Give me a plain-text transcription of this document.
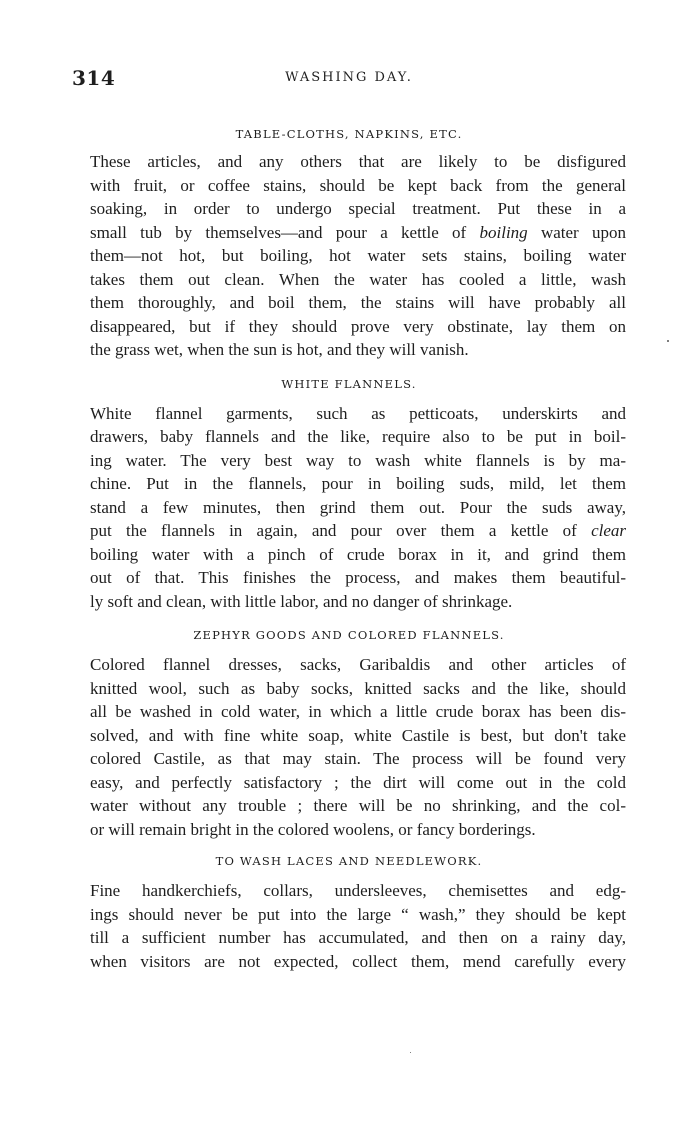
314	WASHING DAY.

TABLE-CLOTHS, NAPKINS, ETC.

These articles, and any others that are likely to be disfigured
with fruit, or coffee stains, should be kept back from the general
soaking, in order to undergo special treatment. Put these in a
small tub by themselves—and pour a kettle of boiling water upon
them—not hot, but boiling, hot water sets stains, boiling water
takes them out clean. When the water has cooled a little, wash
them thoroughly, and boil them, the stains will have probably all
disappeared, but if they should prove very obstinate, lay them on
the grass wet, when the sun is hot, and they will vanish.

WHITE FLANNELS.

White flannel garments, such as petticoats, underskirts and
drawers, baby flannels and the like, require also to be put in boil-
ing water. The very best way to wash white flannels is by ma-
chine. Put in the flannels, pour in boiling suds, mild, let them
stand a few minutes, then grind them out. Pour the suds away,
put the flannels in again, and pour over them a kettle of clear
boiling water with a pinch of crude borax in it, and grind them
out of that. This finishes the process, and makes them beautiful-
ly soft and clean, with little labor, and no danger of shrinkage.

ZEPHYR GOODS AND COLORED FLANNELS.

Colored flannel dresses, sacks, Garibaldis and other articles of
knitted wool, such as baby socks, knitted sacks and the like, should
all be washed in cold water, in which a little crude borax has been dis-
solved, and with fine white soap, white Castile is best, but don't take
colored Castile, as that may stain. The process will be found very
easy, and perfectly satisfactory ; the dirt will come out in the cold
water without any trouble ; there will be no shrinking, and the col-
or will remain bright in the colored woolens, or fancy borderings.

TO WASH LACES AND NEEDLEWORK.

Fine handkerchiefs, collars, undersleeves, chemisettes and edg-
ings should never be put into the large “ wash,” they should be kept
till a sufficient number has accumulated, and then on a rainy day,
when visitors are not expected, collect them, mend carefully every
